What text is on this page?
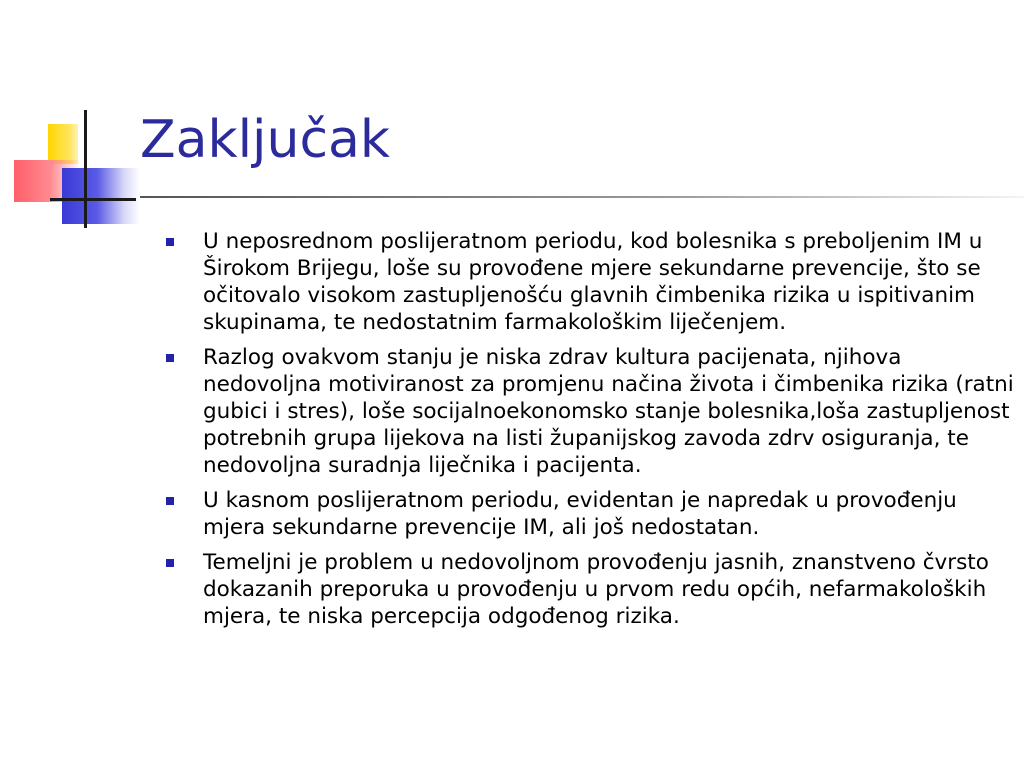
Zaključak
U neposrednom poslijeratnom periodu, kod bolesnika s preboljenim IM u Širokom Brijegu, loše su provođene mjere sekundarne prevencije, što se očitovalo visokom zastupljenošću glavnih čimbenika rizika u ispitivanim skupinama, te nedostatnim farmakološkim liječenjem.
Razlog ovakvom stanju je niska zdrav kultura pacijenata, njihova nedovoljna motiviranost za promjenu načina života i čimbenika rizika (ratni gubici i stres), loše socijalnoekonomsko stanje bolesnika,loša zastupljenost potrebnih grupa lijekova na listi županijskog zavoda zdrv osiguranja, te nedovoljna suradnja liječnika i pacijenta.
U kasnom poslijeratnom periodu, evidentan je napredak u provođenju mjera sekundarne prevencije IM, ali još nedostatan.
Temeljni je problem u nedovoljnom provođenju jasnih, znanstveno čvrsto dokazanih preporuka u provođenju u prvom redu općih, nefarmakoloških mjera, te niska percepcija odgođenog rizika.
